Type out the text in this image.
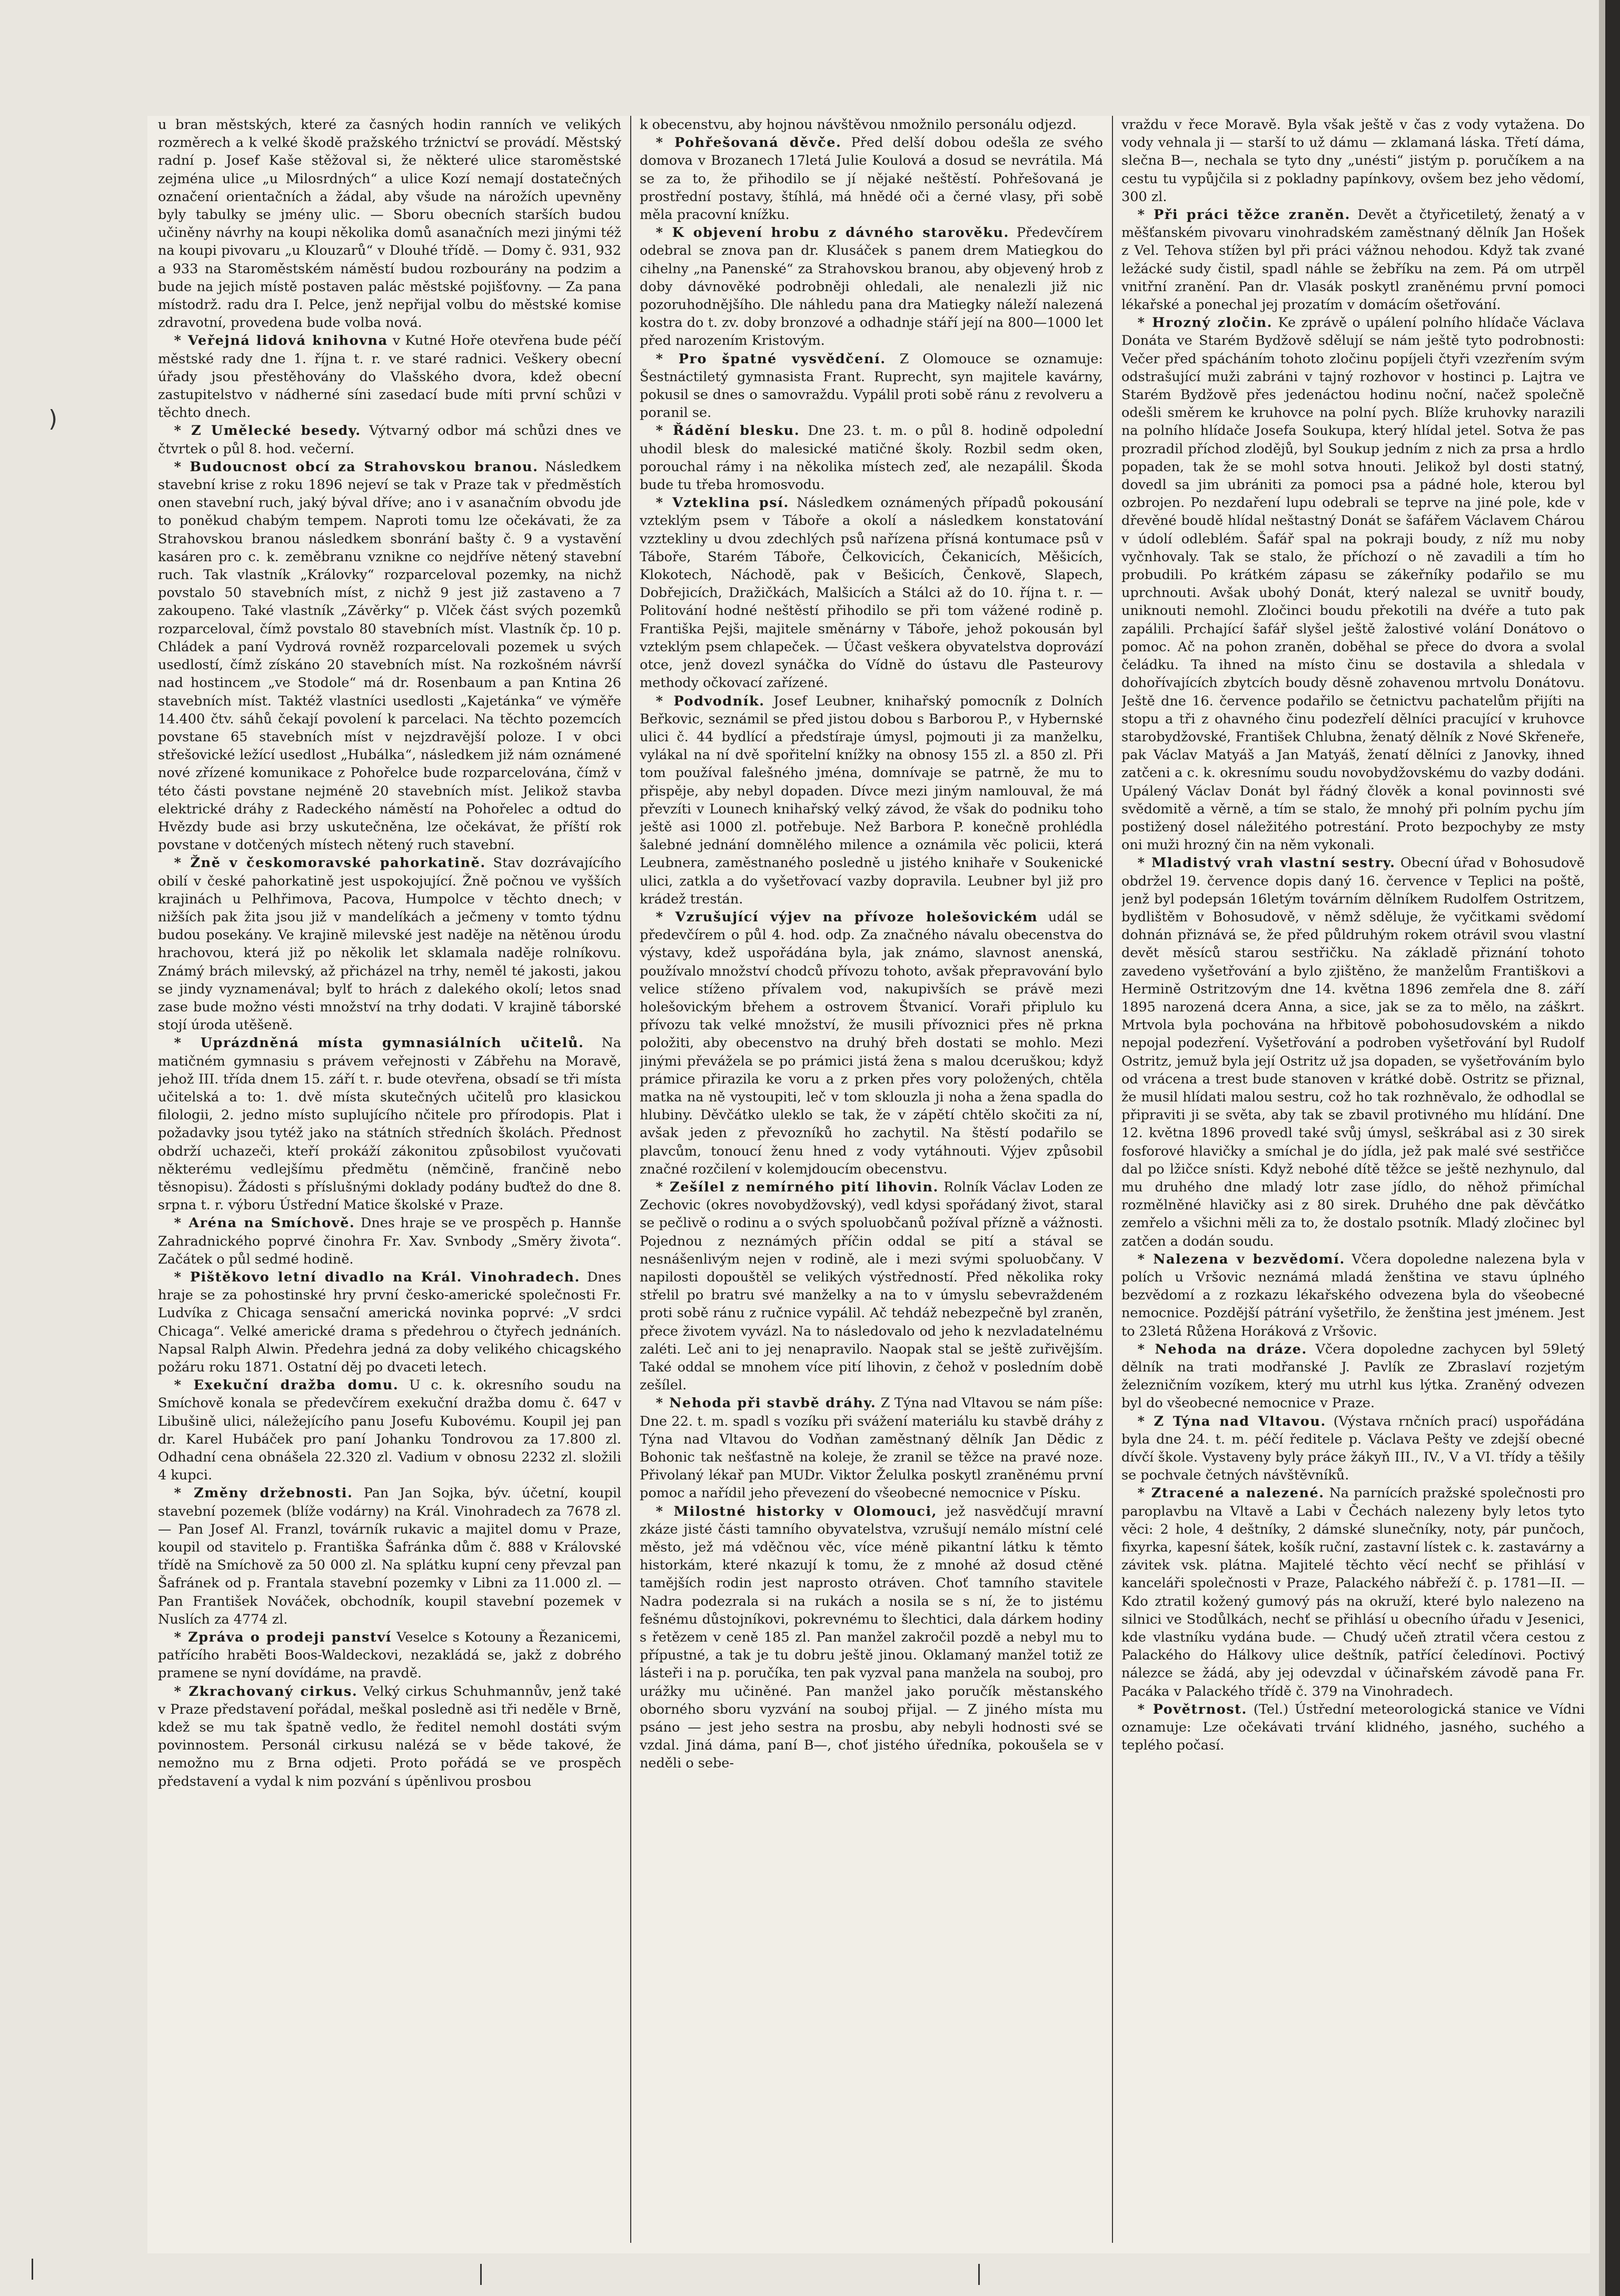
u bran městských, které za časných hodin ranních ve velikých rozměrech a k velké škodě pražského trźnictví se provádí. Městský radní p. Josef Kaše stěžoval si, že některé ulice staroměstské zejména ulice „u Milosrdných“ a ulice Kozí nemají dostatečných označení orientačních a žádal, aby všude na nárožích upevněny byly tabulky se jmény ulic. — Sboru obecních starších budou učiněny návrhy na koupi několika domů asanačních mezi jinými též na koupi pivovaru „u Klouzarů“ v Dlouhé třídě. — Domy č. 931, 932 a 933 na Staroměstském náměstí budou rozbourány na podzim a bude na jejich místě postaven palác městské pojišťovny. — Za pana místodrž. radu dra I. Pelce, jenž nepřijal volbu do městské komise zdravotní, provedena bude volba nová.

* Veřejná lidová knihovna v Kutné Hoře otevřena bude péčí městské rady dne 1. října t. r. ve staré radnici. Veškery obecní úřady jsou přestěhovány do Vlašského dvora, kdež obecní zastupitelstvo v nádherné síni zasedací bude míti první schůzi v těchto dnech.

* Z Umělecké besedy. Výtvarný odbor má schůzi dnes ve čtvrtek o půl 8. hod. večerní.

* Budoucnost obcí za Strahovskou branou. Následkem stavební krise z roku 1896 nejeví se tak v Praze tak v předměstích onen stavební ruch, jaký býval dříve; ano i v asanačním obvodu jde to poněkud chabým tempem. Naproti tomu lze očekávati, že za Strahovskou branou následkem sbonrání bašty č. 9 a vystavění kasáren pro c. k. zeměbranu vznikne co nejdříve nětený stavební ruch. Tak vlastník „Královky“ rozparceloval pozemky, na nichž povstalo 50 stavebních míst, z nichž 9 jest již zastaveno a 7 zakoupeno. Také vlastník „Závěrky“ p. Vlček část svých pozemků rozparceloval, čímž povstalo 80 stavebních míst. Vlastník čp. 10 p. Chládek a paní Vydrová rovněž rozparcelovali pozemek u svých usedlostí, čímž získáno 20 stavebních míst. Na rozkošném návrší nad hostincem „ve Stodole“ má dr. Rosenbaum a pan Kntina 26 stavebních míst. Taktéž vlastníci usedlosti „Kajetánka“ ve výměře 14.400 čtv. sáhů čekají povolení k parcelaci. Na těchto pozemcích povstane 65 stavebních míst v nejzdravější poloze. I v obci střešovické ležící usedlost „Hubálka“, následkem již nám oznámené nové zřízené komunikace z Pohořelce bude rozparcelována, čímž v této části povstane nejméně 20 stavebních míst. Jelikož stavba elektrické dráhy z Radeckého náměstí na Pohořelec a odtud do Hvězdy bude asi brzy uskutečněna, lze očekávat, že příští rok povstane v dotčených místech nětený ruch stavební.

* Žně v českomoravské pahorkatině. Stav dozrávajícího obilí v české pahorkatině jest uspokojující. Žně počnou ve vyšších krajinách u Pelhřimova, Pacova, Humpolce v těchto dnech; v nižších pak žita jsou již v mandelíkách a ječmeny v tomto týdnu budou posekány. Ve krajině milevské jest naděje na nětěnou úrodu hrachovou, která již po několik let sklamala naděje rolníkovu. Známý brách milevský, až přicházel na trhy, neměl té jakosti, jakou se jindy vyznamenával; bylť to hrách z dalekého okolí; letos snad zase bude možno vésti množství na trhy dodati. V krajině táborské stojí úroda utěšeně.

* Uprázdněná místa gymnasiálních učitelů. Na matičném gymnasiu s právem veřejnosti v Zábřehu na Moravě, jehož III. třída dnem 15. září t. r. bude otevřena, obsadí se tři místa učitelská a to: 1. dvě místa skutečných učitelů pro klasickou filologii, 2. jedno místo suplujícího nčitele pro přírodopis. Plat i požadavky jsou tytéž jako na státních středních školách. Přednost obdrží uchazeči, kteří prokáží zákonitou způsobilost vyučovati některému vedlejšímu předmětu (němčině, frančině nebo těsnopisu). Žádosti s příslušnými doklady podány buďtež do dne 8. srpna t. r. výboru Ústřední Matice školské v Praze.

* Aréna na Smíchově. Dnes hraje se ve prospěch p. Hannše Zahradnického poprvé činohra Fr. Xav. Svnbody „Směry života“. Začátek o půl sedmé hodině.

* Pištěkovo letní divadlo na Král. Vinohradech. Dnes hraje se za pohostinské hry první česko-americké společnosti Fr. Ludvíka z Chicaga sensační americká novinka poprvé: „V srdci Chicaga“. Velké americké drama s předehrou o čtyřech jednáních. Napsal Ralph Alwin. Předehra jedná za doby velikého chicagského požáru roku 1871. Ostatní děj po dvaceti letech.

* Exekuční dražba domu. U c. k. okresního soudu na Smíchově konala se předevčírem exekuční dražba domu č. 647 v Libušině ulici, náležejícího panu Josefu Kubovému. Koupil jej pan dr. Karel Hubáček pro paní Johanku Tondrovou za 17.800 zl. Odhadní cena obnášela 22.320 zl. Vadium v obnosu 2232 zl. složili 4 kupci.

* Změny držebnosti. Pan Jan Sojka, býv. účetní, koupil stavební pozemek (blíže vodárny) na Král. Vinohradech za 7678 zl. — Pan Josef Al. Franzl, továrník rukavic a majitel domu v Praze, koupil od stavitelo p. Františka Šafránka dům č. 888 v Královské třídě na Smíchově za 50 000 zl. Na splátku kupní ceny převzal pan Šafránek od p. Frantala stavební pozemky v Libni za 11.000 zl. — Pan František Nováček, obchodník, koupil stavební pozemek v Nuslích za 4774 zl.

* Zpráva o prodeji panství Veselce s Kotouny a Řezanicemi, patřícího hraběti Boos-Waldeckovi, nezakládá se, jakž z dobrého pramene se nyní dovídáme, na pravdě.

* Zkrachovaný cirkus. Velký cirkus Schuhmannův, jenž také v Praze představení pořádal, meškal posledně asi tři neděle v Brně, kdež se mu tak špatně vedlo, že ředitel nemohl dostáti svým povinnostem. Personál cirkusu nalézá se v běde takové, že nemožno mu z Brna odjeti. Proto pořádá se ve prospěch představení a vydal k nim pozvání s úpěnlivou prosbou

k obecenstvu, aby hojnou návštěvou nmožnilo personálu odjezd.

* Pohřešovaná děvče. Před delší dobou odešla ze svého domova v Brozanech 17letá Julie Koulová a dosud se nevrátila. Má se za to, že přihodilo se jí nějaké neštěstí. Pohřešovaná je prostřední postavy, štíhlá, má hnědé oči a černé vlasy, při sobě měla pracovní knížku.

* K objevení hrobu z dávného starověku. Předevčírem odebral se znova pan dr. Klusáček s panem drem Matiegkou do cihelny „na Panenské“ za Strahovskou branou, aby objevený hrob z doby dávnověké podrobněji ohledali, ale nenalezli již nic pozoruhodnějšího. Dle náhledu pana dra Matiegky náleží nalezená kostra do t. zv. doby bronzové a odhadnje stáří její na 800—1000 let před narozením Kristovým.

* Pro špatné vysvědčení. Z Olomouce se oznamuje: Šestnáctiletý gymnasista Frant. Ruprecht, syn majitele kavárny, pokusil se dnes o samovraždu. Vypálil proti sobě ránu z revolveru a poranil se.

* Řádění blesku. Dne 23. t. m. o půl 8. hodině odpolední uhodil blesk do malesické matičné školy. Rozbil sedm oken, porouchal rámy i na několika místech zeď, ale nezapálil. Škoda bude tu třeba hromosvodu.

* Vzteklina psí. Následkem oznámených případů pokousání vzteklým psem v Táboře a okolí a následkem konstatování vzztekliny u dvou zdechlých psů nařízena přísná kontumace psů v Táboře, Starém Táboře, Čelkovicích, Čekanicích, Měšicích, Klokotech, Náchodě, pak v Bešicích, Čenkově, Slapech, Dobřejicích, Dražičkách, Malšicích a Stálci až do 10. října t. r. — Politování hodné neštěstí přihodilo se při tom vážené rodině p. Františka Pejši, majitele směnárny v Táboře, jehož pokousán byl vzteklým psem chlapeček. — Účast veškera obyvatelstva doprovází otce, jenž dovezl synáčka do Vídně do ústavu dle Pasteurovy methody očkovací zařízené.

* Podvodník. Josef Leubner, knihařský pomocník z Dolních Beřkovic, seznámil se před jistou dobou s Barborou P., v Hybernské ulici č. 44 bydlící a předstíraje úmysl, pojmouti ji za manželku, vylákal na ní dvě spořitelní knížky na obnosy 155 zl. a 850 zl. Při tom používal falešného jména, domnívaje se patrně, že mu to přispěje, aby nebyl dopaden. Dívce mezi jiným namlouval, že má převzíti v Lounech knihařský velký závod, že však do podniku toho ještě asi 1000 zl. potřebuje. Než Barbora P. konečně prohlédla šalebné jednání domnělého milence a oznámila věc policii, která Leubnera, zaměstnaného posledně u jistého knihaře v Soukenické ulici, zatkla a do vyšetřovací vazby dopravila. Leubner byl již pro krádež trestán.

* Vzrušující výjev na přívoze holešovickém udál se předevčírem o půl 4. hod. odp. Za značného návalu obecenstva do výstavy, kdež uspořádána byla, jak známo, slavnost anenská, používalo množství chodců přívozu tohoto, avšak přepravování bylo velice stíženo přívalem vod, nakupivších se právě mezi holešovickým břehem a ostrovem Štvanicí. Voraři připlulo ku přívozu tak velké množství, že musili přívoznici přes ně prkna položiti, aby obecenstvo na druhý břeh dostati se mohlo. Mezi jinými převážela se po prámici jistá žena s malou dceruškou; když prámice přirazila ke voru a z prken přes vory položených, chtěla matka na ně vystoupiti, leč v tom sklouzla ji noha a žena spadla do hlubiny. Děvčátko uleklo se tak, že v zápětí chtělo skočiti za ní, avšak jeden z převozníků ho zachytil. Na štěstí podařilo se plavcům, tonoucí ženu hned z vody vytáhnouti. Výjev způsobil značné rozčilení v kolemjdoucím obecenstvu.

* Zešílel z nemírného pití lihovin. Rolník Václav Loden ze Zechovic (okres novobydžovský), vedl kdysi spořádaný život, staral se pečlivě o rodinu a o svých spoluobčanů požíval přízně a vážnosti. Pojednou z neznámých příčin oddal se pití a stával se nesnášenlivým nejen v rodině, ale i mezi svými spoluobčany. V napilosti dopouštěl se velikých výstředností. Před několika roky střelil po bratru své manželky a na to v úmyslu sebevraždeném proti sobě ránu z ručnice vypálil. Ač tehdáž nebezpečně byl zraněn, přece životem vyvázl. Na to následovalo od jeho k nezvladatelnému zaléti. Leč ani to jej nenapravilo. Naopak stal se ještě zuřivějším. Také oddal se mnohem více pití lihovin, z čehož v posledním době zešílel.

* Nehoda při stavbě dráhy. Z Týna nad Vltavou se nám píše: Dne 22. t. m. spadl s vozíku při svážení materiálu ku stavbě dráhy z Týna nad Vltavou do Vodňan zaměstnaný dělník Jan Dědic z Bohonic tak nešťastně na koleje, že zranil se těžce na pravé noze. Přivolaný lékař pan MUDr. Viktor Želulka poskytl zraněnému první pomoc a nařídil jeho převezení do všeobecné nemocnice v Písku.

* Milostné historky v Olomouci, jež nasvědčují mravní zkáze jisté části tamního obyvatelstva, vzrušují nemálo místní celé město, jež má vděčnou věc, více méně pikantní látku k těmto historkám, které nkazují k tomu, že z mnohé až dosud ctěné tamějších rodin jest naprosto otráven. Choť tamního stavitele Nadra podezrala si na rukách a nosila se s ní, že to jistému fešnému důstojníkovi, pokrevnému to šlechtici, dala dárkem hodiny s řetězem v ceně 185 zl. Pan manžel zakročil pozdě a nebyl mu to přípustné, a tak je tu dobru ještě jinou. Oklamaný manžel totiž ze lásteři i na p. poručíka, ten pak vyzval pana manžela na souboj, pro urážky mu učiněné. Pan manžel jako poručík městanského oborného sboru vyzvání na souboj přijal. — Z jiného místa mu psáno — jest jeho sestra na prosbu, aby nebyli hodnosti své se vzdal. Jiná dáma, paní B—, choť jistého úředníka, pokoušela se v neděli o sebe-

vraždu v řece Moravě. Byla však ještě v čas z vody vytažena. Do vody vehnala ji — starší to už dámu — zklamaná láska. Třetí dáma, slečna B—, nechala se tyto dny „unésti“ jistým p. poručíkem a na cestu tu vypůjčila si z pokladny papínkovy, ovšem bez jeho vědomí, 300 zl.

* Při práci těžce zraněn. Devět a čtyřicetiletý, ženatý a v měšťanském pivovaru vinohradském zaměstnaný dělník Jan Hošek z Vel. Tehova stížen byl při práci vážnou nehodou. Když tak zvané ležácké sudy čistil, spadl náhle se žebříku na zem. Pá om utrpěl vnitřní zranění. Pan dr. Vlasák poskytl zraněnému první pomoci lékařské a ponechal jej prozatím v domácím ošetřování.

* Hrozný zločin. Ke zprávě o upálení polního hlídače Václava Donáta ve Starém Bydžově sdělují se nám ještě tyto podrobnosti: Večer před spácháním tohoto zločinu popíjeli čtyři vzezřením svým odstrašující muži zabráni v tajný rozhovor v hostinci p. Lajtra ve Starém Bydžově přes jedenáctou hodinu noční, načež společně odešli směrem ke kruhovce na polní pych. Blíže kruhovky narazili na polního hlídače Josefa Soukupa, který hlídal jetel. Sotva že pas prozradil příchod zlodějů, byl Soukup jedním z nich za prsa a hrdlo popaden, tak že se mohl sotva hnouti. Jelikož byl dosti statný, dovedl sa jim ubrániti za pomoci psa a pádné hole, kterou byl ozbrojen. Po nezdaření lupu odebrali se teprve na jiné pole, kde v dřevěné boudě hlídal neštastný Donát se šafářem Václavem Chárou v údolí odleblém. Šafář spal na pokraji boudy, z níž mu noby vyčnhovaly. Tak se stalo, že příchozí o ně zavadili a tím ho probudili. Po krátkém zápasu se zákeřníky podařilo se mu uprchnouti. Avšak ubohý Donát, který nalezal se uvnitř boudy, uniknouti nemohl. Zločinci boudu překotili na dvéře a tuto pak zapálili. Prchající šafář slyšel ještě žalostivé volání Donátovo o pomoc. Ač na pohon zraněn, doběhal se přece do dvora a svolal čeládku. Ta ihned na místo činu se dostavila a shledala v dohořívajících zbytcích boudy děsně zohavenou mrtvolu Donátovu. Ještě dne 16. července podařilo se četnictvu pachatelům přijíti na stopu a tři z ohavného činu podezřelí dělníci pracující v kruhovce starobydžovské, František Chlubna, ženatý dělník z Nové Skřeneře, pak Václav Matyáš a Jan Matyáš, ženatí dělníci z Janovky, ihned zatčeni a c. k. okresnímu soudu novobydžovskému do vazby dodáni. Upálený Václav Donát byl řádný člověk a konal povinnosti své svědomitě a věrně, a tím se stalo, že mnohý při polním pychu jím postižený dosel náležitého potrestání. Proto bezpochyby ze msty oni muži hrozný čin na něm vykonali.

* Mladistvý vrah vlastní sestry. Obecní úřad v Bohosudově obdržel 19. července dopis daný 16. července v Teplici na poště, jenž byl podepsán 16letým továrním dělníkem Rudolfem Ostritzem, bydlištěm v Bohosudově, v němž sděluje, že vyčitkami svědomí dohnán přiznává se, že před půldruhým rokem otrávil svou vlastní devět měsíců starou sestřičku. Na základě přiznání tohoto zavedeno vyšetřování a bylo zjištěno, že manželům Františkovi a Hermině Ostritzovým dne 14. května 1896 zemřela dne 8. září 1895 narozená dcera Anna, a sice, jak se za to mělo, na záškrt. Mrtvola byla pochována na hřbitově pobohosudovském a nikdo nepojal podezření. Vyšetřování a podroben vyšetřování byl Rudolf Ostritz, jemuž byla její Ostritz už jsa dopaden, se vyšetřováním bylo od vrácena a trest bude stanoven v krátké době. Ostritz se přiznal, že musil hlídati malou sestru, což ho tak rozhněvalo, že odhodlal se připraviti ji se světa, aby tak se zbavil protivného mu hlídání. Dne 12. května 1896 provedl také svůj úmysl, seškrábal asi z 30 sirek fosforové hlavičky a smíchal je do jídla, jež pak malé své sestřičce dal po lžičce snísti. Když nebohé dítě těžce se ještě nezhynulo, dal mu druhého dne mladý lotr zase jídlo, do něhož přimíchal rozmělněné hlavičky asi z 80 sirek. Druhého dne pak děvčátko zemřelo a všichni měli za to, že dostalo psotník. Mladý zločinec byl zatčen a dodán soudu.

* Nalezena v bezvědomí. Včera dopoledne nalezena byla v polích u Vršovic neznámá mladá ženština ve stavu úplného bezvědomí a z rozkazu lékařského odvezena byla do všeobecné nemocnice. Pozdější pátrání vyšetřilo, že ženština jest jménem. Jest to 23letá Růžena Horáková z Vršovic.

* Nehoda na dráze. Včera dopoledne zachycen byl 59letý dělník na trati modřanské J. Pavlík ze Zbraslaví rozjetým železničním vozíkem, který mu utrhl kus lýtka. Zraněný odvezen byl do všeobecné nemocnice v Praze.

* Z Týna nad Vltavou. (Výstava rnčních prací) uspořádána byla dne 24. t. m. péčí ředitele p. Václava Pešty ve zdejší obecné dívčí škole. Vystaveny byly práce žákyň III., IV., V a VI. třídy a těšily se pochvale četných návštěvníků.

* Ztracené a nalezené. Na parnících pražské společnosti pro paroplavbu na Vltavě a Labi v Čechách nalezeny byly letos tyto věci: 2 hole, 4 deštníky, 2 dámské slunečníky, noty, pár punčoch, fixyrka, kapesní šátek, košík ruční, zastavní lístek c. k. zastavárny a závitek vsk. plátna. Majitelé těchto věcí nechť se přihlásí v kanceláři společnosti v Praze, Palackého nábřeží č. p. 1781—II. — Kdo ztratil kožený gumový pás na okruží, které bylo nalezeno na silnici ve Stodůlkách, nechť se přihlásí u obecního úřadu v Jesenici, kde vlastníku vydána bude. — Chudý učeň ztratil včera cestou z Palackého do Hálkovy ulice deštník, patřící čeledínovi. Poctivý nálezce se žádá, aby jej odevzdal v účinařském závodě pana Fr. Pacáka v Palackého třídě č. 379 na Vinohradech.

* Povětrnost. (Tel.) Ústřední meteorologická stanice ve Vídni oznamuje: Lze očekávati trvání klidného, jasného, suchého a teplého počasí.

)
